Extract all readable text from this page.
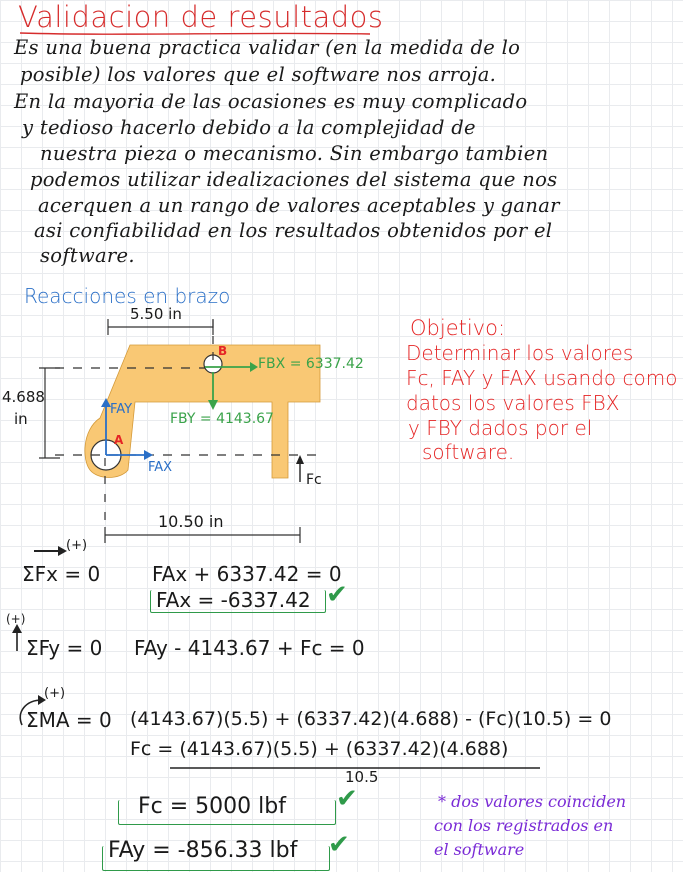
Validacion de resultados
Es una buena practica validar (en la medida de lo
posible) los valores que el software nos arroja.
En la mayoria de las ocasiones es muy complicado
y tedioso hacerlo debido a la complejidad de
nuestra pieza o mecanismo. Sin embargo tambien
podemos utilizar idealizaciones del sistema que nos
acerquen a un rango de valores aceptables y ganar
asi confiabilidad en los resultados obtenidos por el
software.
Reacciones en brazo
5.50 in
4.688
in
10.50 in
B
A
FBX = 6337.42
FBY = 4143.67
FAY
FAX
Fc
Objetivo:
Determinar los valores
Fc, FAY y FAX usando como
datos los valores FBX
y FBY dados por el
software.
(+)
ΣFx = 0	FAx + 6337.42 = 0
FAx = -6337.42 ✔
(+)
ΣFy = 0 FAy - 4143.67 + Fc = 0
(+)
ΣMA = 0 (4143.67)(5.5) + (6337.42)(4.688) - (Fc)(10.5) = 0
Fc = (4143.67)(5.5) + (6337.42)(4.688)
10.5
Fc = 5000 lbf ✔
FAy = -856.33 lbf ✔
* dos valores coinciden
con los registrados en
el software
